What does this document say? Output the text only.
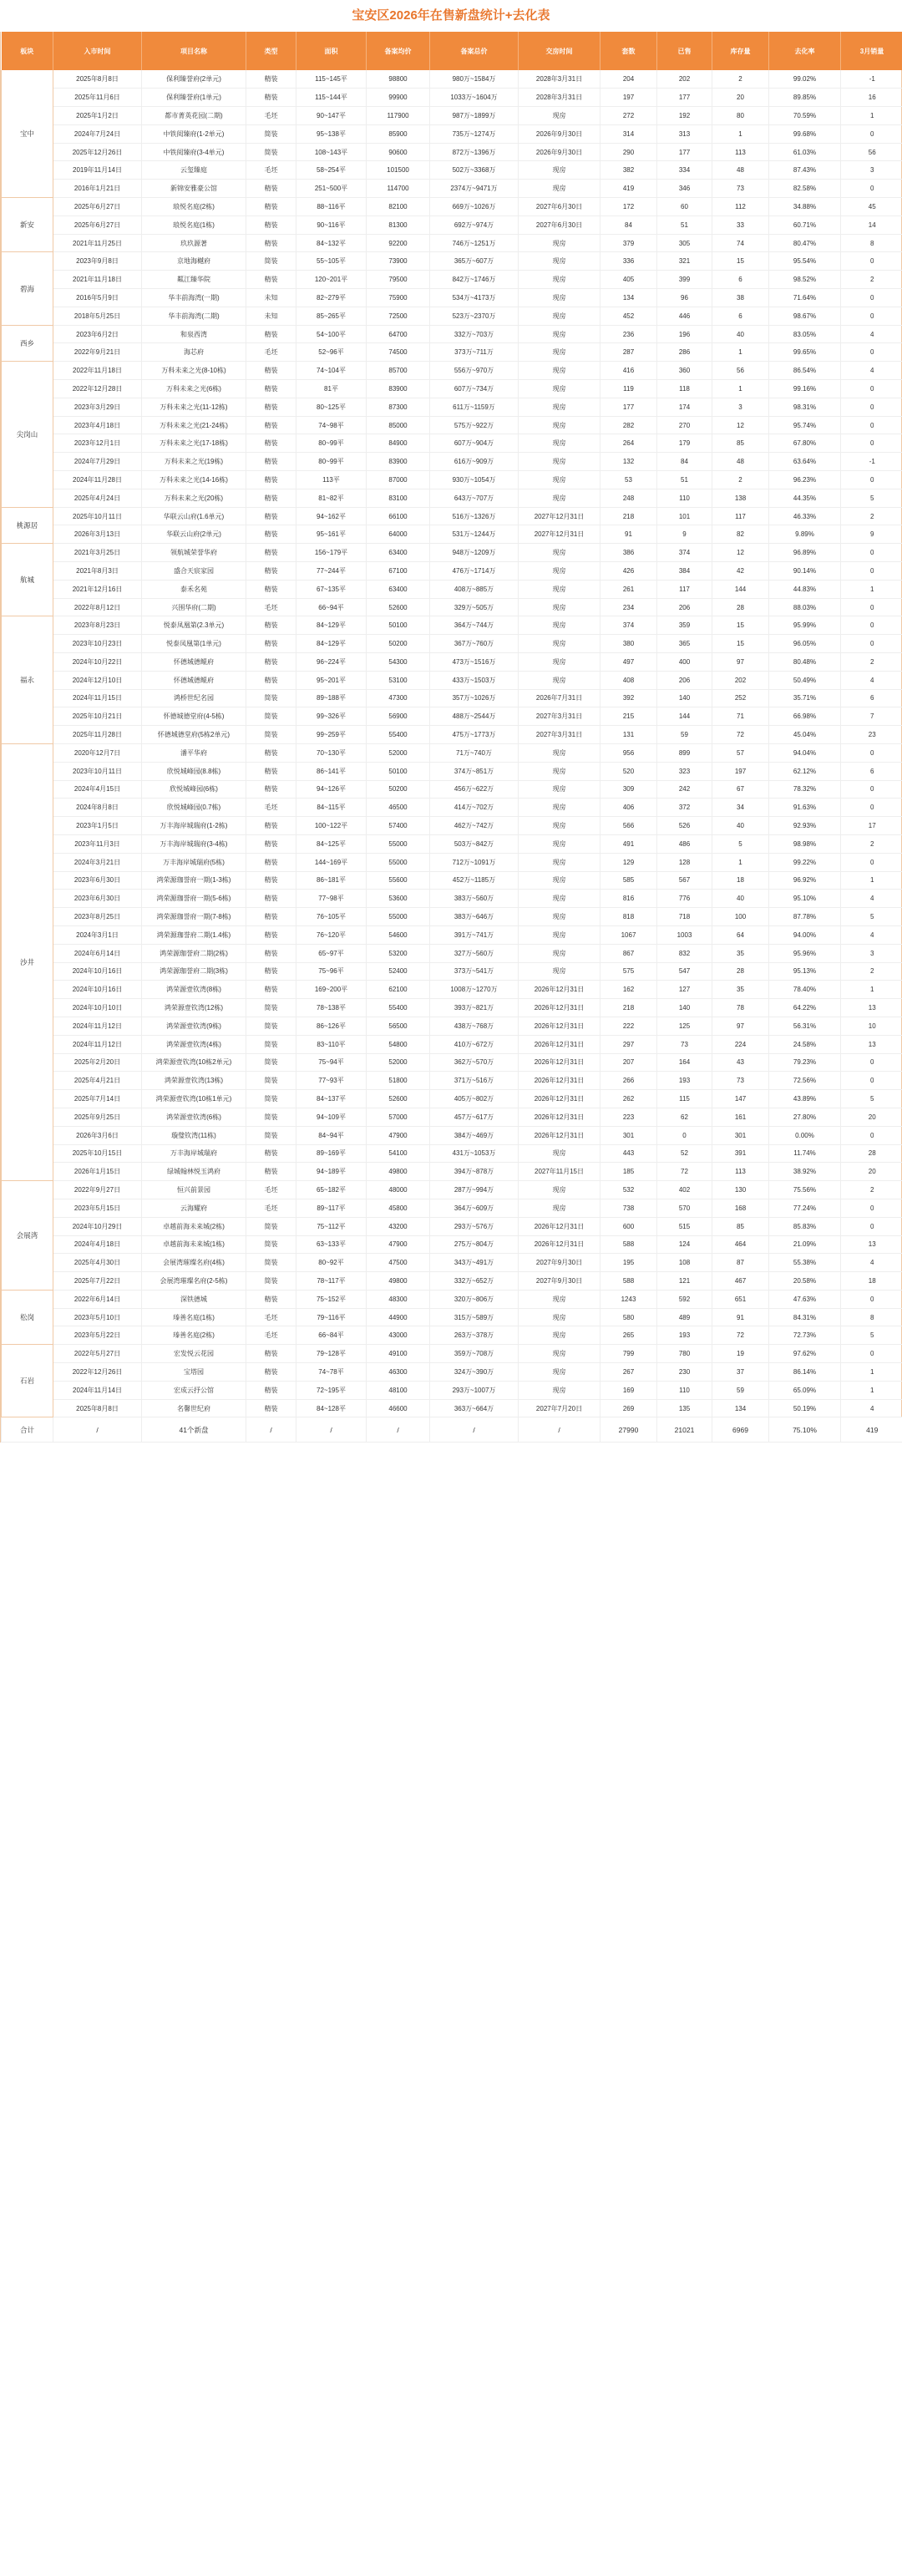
宝安区2026年在售新盘统计+去化表
板块	入市时间	项目名称	类型	面积	备案均价	备案总价	交房时间	套数	已售	库存量	去化率	3月销量
宝中	2025年8月8日	保利臻誉府(2单元)	精装	115~145平	98800	980万~1584万	2028年3月31日	204	202	2	99.02%	-1
	2025年11月6日	保利臻誉府(1单元)	精装	115~144平	99900	1033万~1604万	2028年3月31日	197	177	20	89.85%	16
	2025年1月2日	都市菁英花园(二期)	毛坯	90~147平	117900	987万~1899万	现房	272	192	80	70.59%	1
	2024年7月24日	中铁阅臻府(1-2单元)	简装	95~138平	85900	735万~1274万	2026年9月30日	314	313	1	99.68%	0
	2025年12月26日	中铁阅臻府(3-4单元)	简装	108~143平	90600	872万~1396万	2026年9月30日	290	177	113	61.03%	56
	2019年11月14日	云玺臻庭	毛坯	58~254平	101500	502万~3368万	现房	382	334	48	87.43%	3
	2016年1月21日	新锦安雅豪公馆	精装	251~500平	114700	2374万~9471万	现房	419	346	73	82.58%	0
新安	2025年6月27日	琅悦名庭(2栋)	精装	88~116平	82100	669万~1026万	2027年6月30日	172	60	112	34.88%	45
	2025年6月27日	琅悦名庭(1栋)	精装	90~116平	81300	692万~974万	2027年6月30日	84	51	33	60.71%	14
	2021年11月25日	玖玖源著	精装	84~132平	92200	746万~1251万	现房	379	305	74	80.47%	8
碧海	2023年9月8日	京地海樾府	简装	55~105平	73900	365万~607万	现房	336	321	15	95.54%	0
	2021年11月18日	粼江臻华院	精装	120~201平	79500	842万~1746万	现房	405	399	6	98.52%	2
	2016年5月9日	华丰前海湾(一期)	未知	82~279平	75900	534万~4173万	现房	134	96	38	71.64%	0
	2018年5月25日	华丰前海湾(二期)	未知	85~265平	72500	523万~2370万	现房	452	446	6	98.67%	0
西乡	2023年6月2日	和泉西湾	精装	54~100平	64700	332万~703万	现房	236	196	40	83.05%	4
	2022年9月21日	海芯府	毛坯	52~96平	74500	373万~711万	现房	287	286	1	99.65%	0
尖岗山	2022年11月18日	万科未来之光(8-10栋)	精装	74~104平	85700	556万~970万	现房	416	360	56	86.54%	4
	2022年12月28日	万科未来之光(6栋)	精装	81平	83900	607万~734万	现房	119	118	1	99.16%	0
	2023年3月29日	万科未来之光(11-12栋)	精装	80~125平	87300	611万~1159万	现房	177	174	3	98.31%	0
	2023年4月18日	万科未来之光(21-24栋)	精装	74~98平	85000	575万~922万	现房	282	270	12	95.74%	0
	2023年12月1日	万科未来之光(17-18栋)	精装	80~99平	84900	607万~904万	现房	264	179	85	67.80%	0
	2024年7月29日	万科未来之光(19栋)	精装	80~99平	83900	616万~909万	现房	132	84	48	63.64%	-1
	2024年11月28日	万科未来之光(14-16栋)	精装	113平	87000	930万~1054万	现房	53	51	2	96.23%	0
	2025年4月24日	万科未来之光(20栋)	精装	81~82平	83100	643万~707万	现房	248	110	138	44.35%	5
桃源居	2025年10月11日	华联云山府(1.6单元)	精装	94~162平	66100	516万~1326万	2027年12月31日	218	101	117	46.33%	2
	2026年3月13日	华联云山府(2单元)	精装	95~161平	64000	531万~1244万	2027年12月31日	91	9	82	9.89%	9
航城	2021年3月25日	领航城荣誉华府	精装	156~179平	63400	948万~1209万	现房	386	374	12	96.89%	0
	2021年8月3日	盛合天宸家园	精装	77~244平	67100	476万~1714万	现房	426	384	42	90.14%	0
	2021年12月16日	泰禾名苑	精装	67~135平	63400	408万~885万	现房	261	117	144	44.83%	1
	2022年8月12日	兴围华府(二期)	毛坯	66~94平	52600	329万~505万	现房	234	206	28	88.03%	0
福永	2023年8月23日	悦泰凤凰第(2.3单元)	精装	84~129平	50100	364万~744万	现房	374	359	15	95.99%	0
	2023年10月23日	悦泰凤凰第(1单元)	精装	84~129平	50200	367万~760万	现房	380	365	15	96.05%	0
	2024年10月22日	怀德城德鲲府	精装	96~224平	54300	473万~1516万	现房	497	400	97	80.48%	2
	2024年12月10日	怀德城德鲲府	精装	95~201平	53100	433万~1503万	现房	408	206	202	50.49%	4
	2024年11月15日	鸿桥世纪名园	简装	89~188平	47300	357万~1026万	2026年7月31日	392	140	252	35.71%	6
	2025年10月21日	怀德城德堂府(4-5栋)	简装	99~326平	56900	488万~2544万	2027年3月31日	215	144	71	66.98%	7
	2025年11月28日	怀德城德堂府(5栋2单元)	简装	99~259平	55400	475万~1773万	2027年3月31日	131	59	72	45.04%	23
沙井	2020年12月7日	潘平华府	精装	70~130平	52000	71万~740万	现房	956	899	57	94.04%	0
	2023年10月11日	欣悦城峰园(8.8栋)	精装	86~141平	50100	374万~851万	现房	520	323	197	62.12%	6
	2024年4月15日	欣悦城峰园(6栋)	精装	94~126平	50200	456万~622万	现房	309	242	67	78.32%	0
	2024年8月8日	欣悦城峰园(0.7栋)	毛坯	84~115平	46500	414万~702万	现房	406	372	34	91.63%	0
	2023年1月5日	万丰海岸城瑞府(1-2栋)	精装	100~122平	57400	462万~742万	现房	566	526	40	92.93%	17
	2023年11月3日	万丰海岸城瑞府(3-4栋)	精装	84~125平	55000	503万~842万	现房	491	486	5	98.98%	2
	2024年3月21日	万丰海岸城瑞府(5栋)	精装	144~169平	55000	712万~1091万	现房	129	128	1	99.22%	0
	2023年6月30日	鸿荣源珈誉府一期(1-3栋)	精装	86~181平	55600	452万~1185万	现房	585	567	18	96.92%	1
	2023年6月30日	鸿荣源珈誉府一期(5-6栋)	精装	77~98平	53600	383万~560万	现房	816	776	40	95.10%	4
	2023年8月25日	鸿荣源珈誉府一期(7-8栋)	精装	76~105平	55000	383万~646万	现房	818	718	100	87.78%	5
	2024年3月1日	鸿荣源珈誉府二期(1.4栋)	精装	76~120平	54600	391万~741万	现房	1067	1003	64	94.00%	4
	2024年6月14日	鸿荣源珈誉府二期(2栋)	精装	65~97平	53200	327万~560万	现房	867	832	35	95.96%	3
	2024年10月16日	鸿荣源珈誉府二期(3栋)	精装	75~96平	52400	373万~541万	现房	575	547	28	95.13%	2
	2024年10月16日	鸿荣源壹钦湾(8栋)	精装	169~200平	62100	1008万~1270万	2026年12月31日	162	127	35	78.40%	1
	2024年10月10日	鸿荣源壹钦湾(12栋)	简装	78~138平	55400	393万~821万	2026年12月31日	218	140	78	64.22%	13
	2024年11月12日	鸿荣源壹钦湾(9栋)	简装	86~126平	56500	438万~768万	2026年12月31日	222	125	97	56.31%	10
	2024年11月12日	鸿荣源壹钦湾(4栋)	简装	83~110平	54800	410万~672万	2026年12月31日	297	73	224	24.58%	13
	2025年2月20日	鸿荣源壹钦湾(10栋2单元)	简装	75~94平	52000	362万~570万	2026年12月31日	207	164	43	79.23%	0
	2025年4月21日	鸿荣源壹钦湾(13栋)	简装	77~93平	51800	371万~516万	2026年12月31日	266	193	73	72.56%	0
	2025年7月14日	鸿荣源壹钦湾(10栋1单元)	简装	84~137平	52600	405万~802万	2026年12月31日	262	115	147	43.89%	5
	2025年9月25日	鸿荣源壹钦湾(6栋)	简装	94~109平	57000	457万~617万	2026年12月31日	223	62	161	27.80%	20
	2026年3月6日	璇璧钦湾(11栋)	简装	84~94平	47900	384万~469万	2026年12月31日	301	0	301	0.00%	0
	2025年10月15日	万丰海岸城瑞府	精装	89~169平	54100	431万~1053万	现房	443	52	391	11.74%	28
	2026年1月15日	绿城翰林悦玉鸿府	精装	94~189平	49800	394万~878万	2027年11月15日	185	72	113	38.92%	20
会展湾	2022年9月27日	恒兴前景园	毛坯	65~182平	48000	287万~994万	现房	532	402	130	75.56%	2
	2023年5月15日	云海耀府	毛坯	89~117平	45800	364万~609万	现房	738	570	168	77.24%	0
	2024年10月29日	卓越前海未来城(2栋)	简装	75~112平	43200	293万~576万	2026年12月31日	600	515	85	85.83%	0
	2024年4月18日	卓越前海未来城(1栋)	简装	63~133平	47900	275万~804万	2026年12月31日	588	124	464	21.09%	13
	2025年4月30日	会展湾璀璨名府(4栋)	简装	80~92平	47500	343万~491万	2027年9月30日	195	108	87	55.38%	4
	2025年7月22日	会展湾璀璨名府(2-5栋)	简装	78~117平	49800	332万~652万	2027年9月30日	588	121	467	20.58%	18
松岗	2022年6月14日	深铁德城	精装	75~152平	48300	320万~806万	现房	1243	592	651	47.63%	0
	2023年5月10日	瑧善名庭(1栋)	毛坯	79~116平	44900	315万~589万	现房	580	489	91	84.31%	8
	2023年5月22日	瑧善名庭(2栋)	毛坯	66~84平	43000	263万~378万	现房	265	193	72	72.73%	5
石岩	2022年5月27日	宏发悦云花园	精装	79~128平	49100	359万~708万	现房	799	780	19	97.62%	0
	2022年12月26日	宝塔园	精装	74~78平	46300	324万~390万	现房	267	230	37	86.14%	1
	2024年11月14日	宏成云抒公馆	精装	72~195平	48100	293万~1007万	现房	169	110	59	65.09%	1
	2025年8月8日	名馨世纪府	精装	84~128平	46600	363万~664万	2027年7月20日	269	135	134	50.19%	4
合计	/	41个新盘	/	/	/	/	/	27990	21021	6969	75.10%	419
